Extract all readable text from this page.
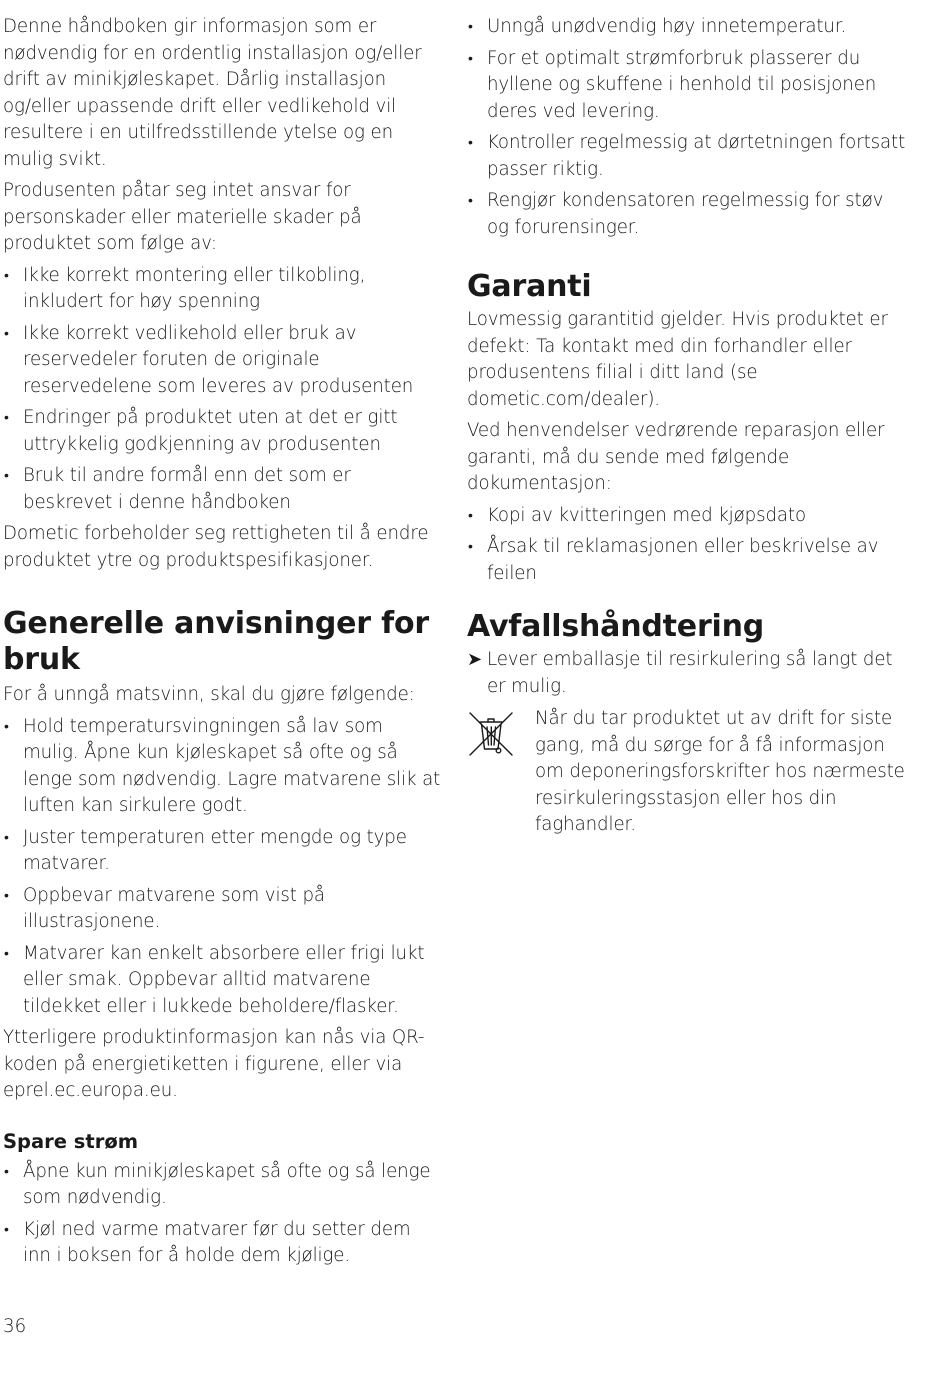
Denne håndboken gir informasjon som er nødvendig for en ordentlig installasjon og/eller drift av minikjøleskapet. Dårlig installasjon og/eller upassende drift eller vedlikehold vil resultere i en utilfredsstillende ytelse og en mulig svikt.

Produsenten påtar seg intet ansvar for personskader eller materielle skader på produktet som følge av:

• Ikke korrekt montering eller tilkobling, inkludert for høy spenning
• Ikke korrekt vedlikehold eller bruk av reservedeler foruten de originale reservedelene som leveres av produsenten
• Endringer på produktet uten at det er gitt uttrykkelig godkjenning av produsenten
• Bruk til andre formål enn det som er beskrevet i denne håndboken

Dometic forbeholder seg rettigheten til å endre produktet ytre og produktspesifikasjoner.

Generelle anvisninger for bruk

For å unngå matsvinn, skal du gjøre følgende:

• Hold temperatursvingningen så lav som mulig. Åpne kun kjøleskapet så ofte og så lenge som nødvendig. Lagre matvarene slik at luften kan sirkulere godt.
• Juster temperaturen etter mengde og type matvarer.
• Oppbevar matvarene som vist på illustrasjonene.
• Matvarer kan enkelt absorbere eller frigi lukt eller smak. Oppbevar alltid matvarene tildekket eller i lukkede beholdere/flasker.

Ytterligere produktinformasjon kan nås via QR-koden på energietiketten i figurene, eller via eprel.ec.europa.eu.

Spare strøm
• Åpne kun minikjøleskapet så ofte og så lenge som nødvendig.
• Kjøl ned varme matvarer før du setter dem inn i boksen for å holde dem kjølige.
• Unngå unødvendig høy innetemperatur.
• For et optimalt strømforbruk plasserer du hyllene og skuffene i henhold til posisjonen deres ved levering.
• Kontroller regelmessig at dørtetningen fortsatt passer riktig.
• Rengjør kondensatoren regelmessig for støv og forurensinger.
Garanti

Lovmessig garantitid gjelder. Hvis produktet er defekt: Ta kontakt med din forhandler eller produsentens filial i ditt land (se dometic.com/dealer).

Ved henvendelser vedrørende reparasjon eller garanti, må du sende med følgende dokumentasjon:

• Kopi av kvitteringen med kjøpsdato
• Årsak til reklamasjonen eller beskrivelse av feilen
Avfallshåndtering

➤ Lever emballasje til resirkulering så langt det er mulig.

Når du tar produktet ut av drift for siste gang, må du sørge for å få informasjon om deponeringsforskrifter hos nærmeste resirkuleringsstasjon eller hos din faghandler.

36
